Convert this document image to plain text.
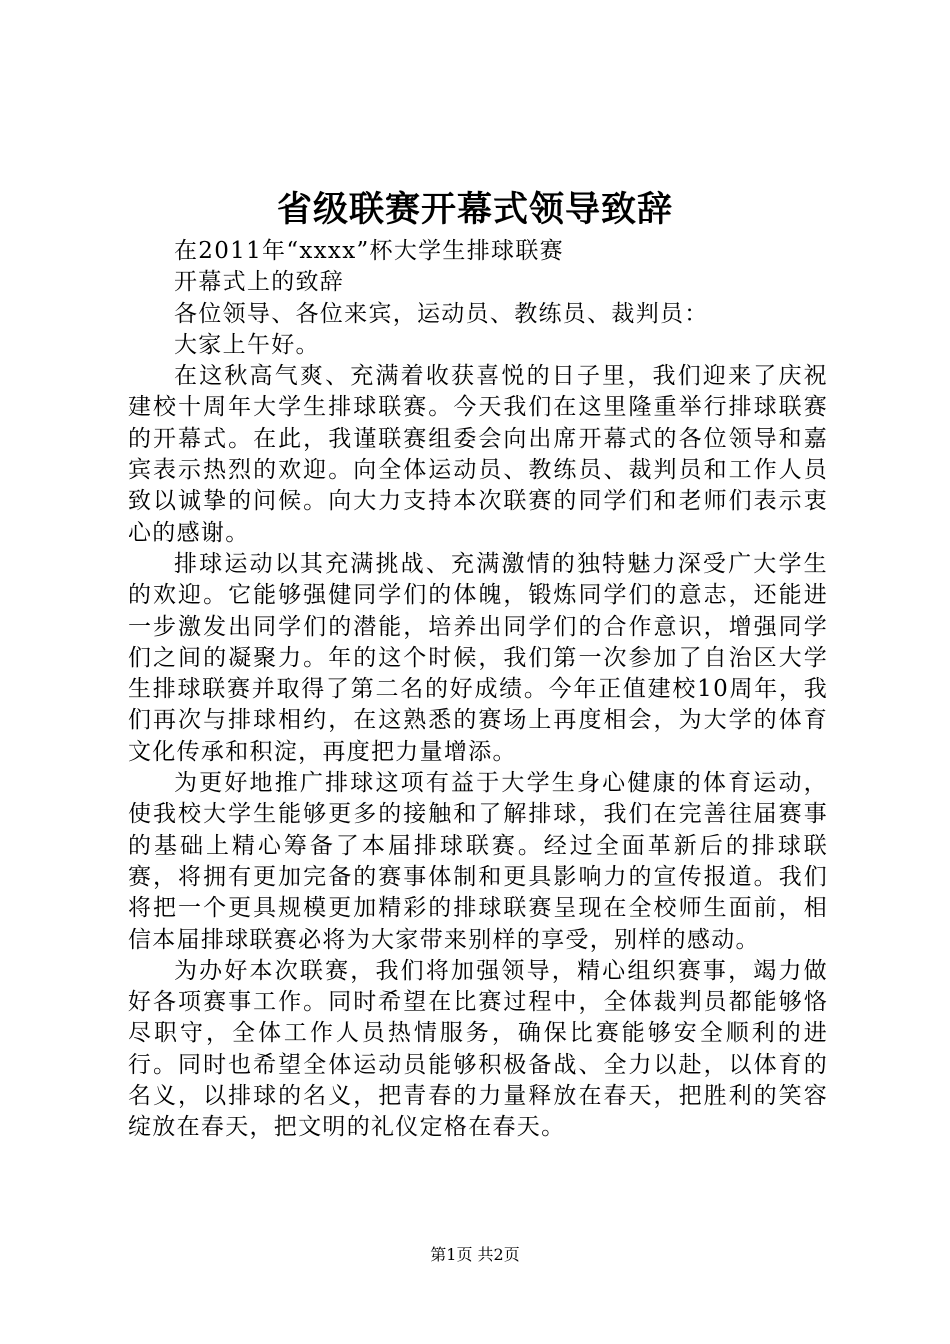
省级联赛开幕式领导致辞

在2011年“xxxx”杯大学生排球联赛

开幕式上的致辞

各位领导、各位来宾，运动员、教练员、裁判员：

大家上午好。

在这秋高气爽、充满着收获喜悦的日子里，我们迎来了庆祝建校十周年大学生排球联赛。今天我们在这里隆重举行排球联赛的开幕式。在此，我谨联赛组委会向出席开幕式的各位领导和嘉宾表示热烈的欢迎。向全体运动员、教练员、裁判员和工作人员致以诚挚的问候。向大力支持本次联赛的同学们和老师们表示衷心的感谢。

排球运动以其充满挑战、充满激情的独特魅力深受广大学生的欢迎。它能够强健同学们的体魄，锻炼同学们的意志，还能进一步激发出同学们的潜能，培养出同学们的合作意识，增强同学们之间的凝聚力。年的这个时候，我们第一次参加了自治区大学生排球联赛并取得了第二名的好成绩。今年正值建校10周年，我们再次与排球相约，在这熟悉的赛场上再度相会，为大学的体育文化传承和积淀，再度把力量增添。

为更好地推广排球这项有益于大学生身心健康的体育运动，使我校大学生能够更多的接触和了解排球，我们在完善往届赛事的基础上精心筹备了本届排球联赛。经过全面革新后的排球联赛，将拥有更加完备的赛事体制和更具影响力的宣传报道。我们将把一个更具规模更加精彩的排球联赛呈现在全校师生面前，相信本届排球联赛必将为大家带来别样的享受，别样的感动。

为办好本次联赛，我们将加强领导，精心组织赛事，竭力做好各项赛事工作。同时希望在比赛过程中，全体裁判员都能够恪尽职守，全体工作人员热情服务，确保比赛能够安全顺利的进行。同时也希望全体运动员能够积极备战、全力以赴，以体育的名义，以排球的名义，把青春的力量释放在春天，把胜利的笑容绽放在春天，把文明的礼仪定格在春天。

第1页 共2页
